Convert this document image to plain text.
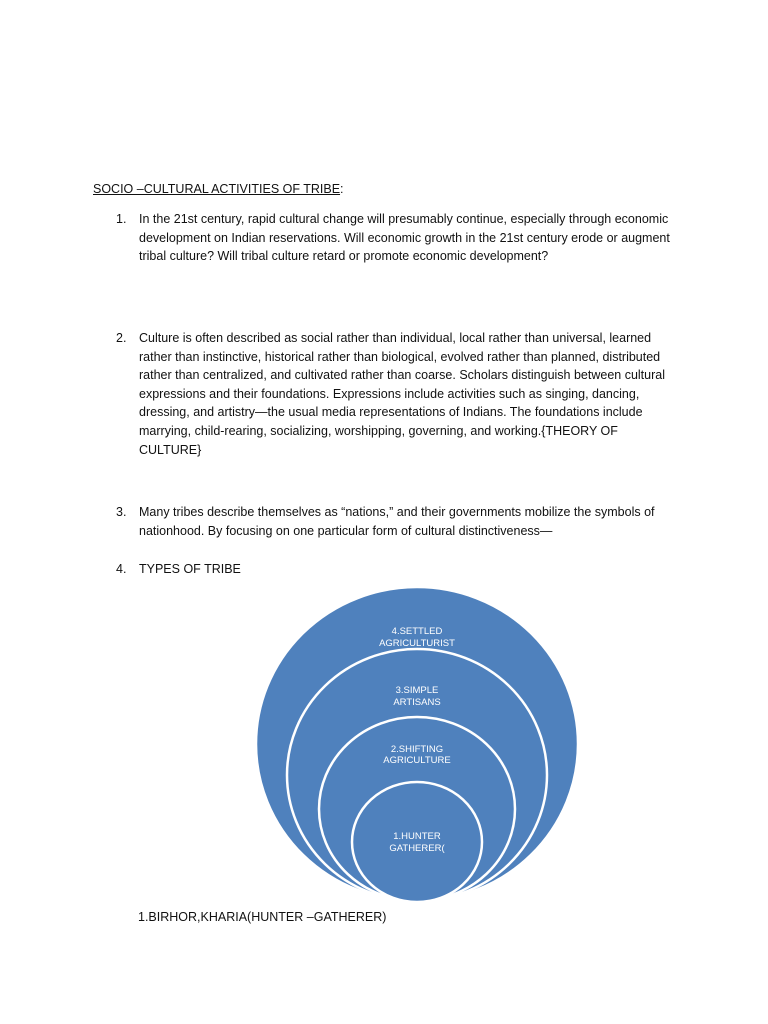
SOCIO –CULTURAL ACTIVITIES OF TRIBE:
1.	In the 21st century, rapid cultural change will presumably continue, especially through economic development on Indian reservations. Will economic growth in the 21st century erode or augment tribal culture? Will tribal culture retard or promote economic development?
2.	Culture is often described as social rather than individual, local rather than universal, learned rather than instinctive, historical rather than biological, evolved rather than planned, distributed rather than centralized, and cultivated rather than coarse. Scholars distinguish between cultural expressions and their foundations. Expressions include activities such as singing, dancing, dressing, and artistry—the usual media representations of Indians. The foundations include marrying, child-rearing, socializing, worshipping, governing, and working.{THEORY OF CULTURE}
3.	Many tribes describe themselves as “nations,” and their governments mobilize the symbols of nationhood. By focusing on one particular form of cultural distinctiveness—
4.	TYPES OF TRIBE
4.SETTLED
AGRICULTURIST
3.SIMPLE
ARTISANS
2.SHIFTING
AGRICULTURE
1.HUNTER
GATHERER(
1.BIRHOR,KHARIA(HUNTER –GATHERER)
